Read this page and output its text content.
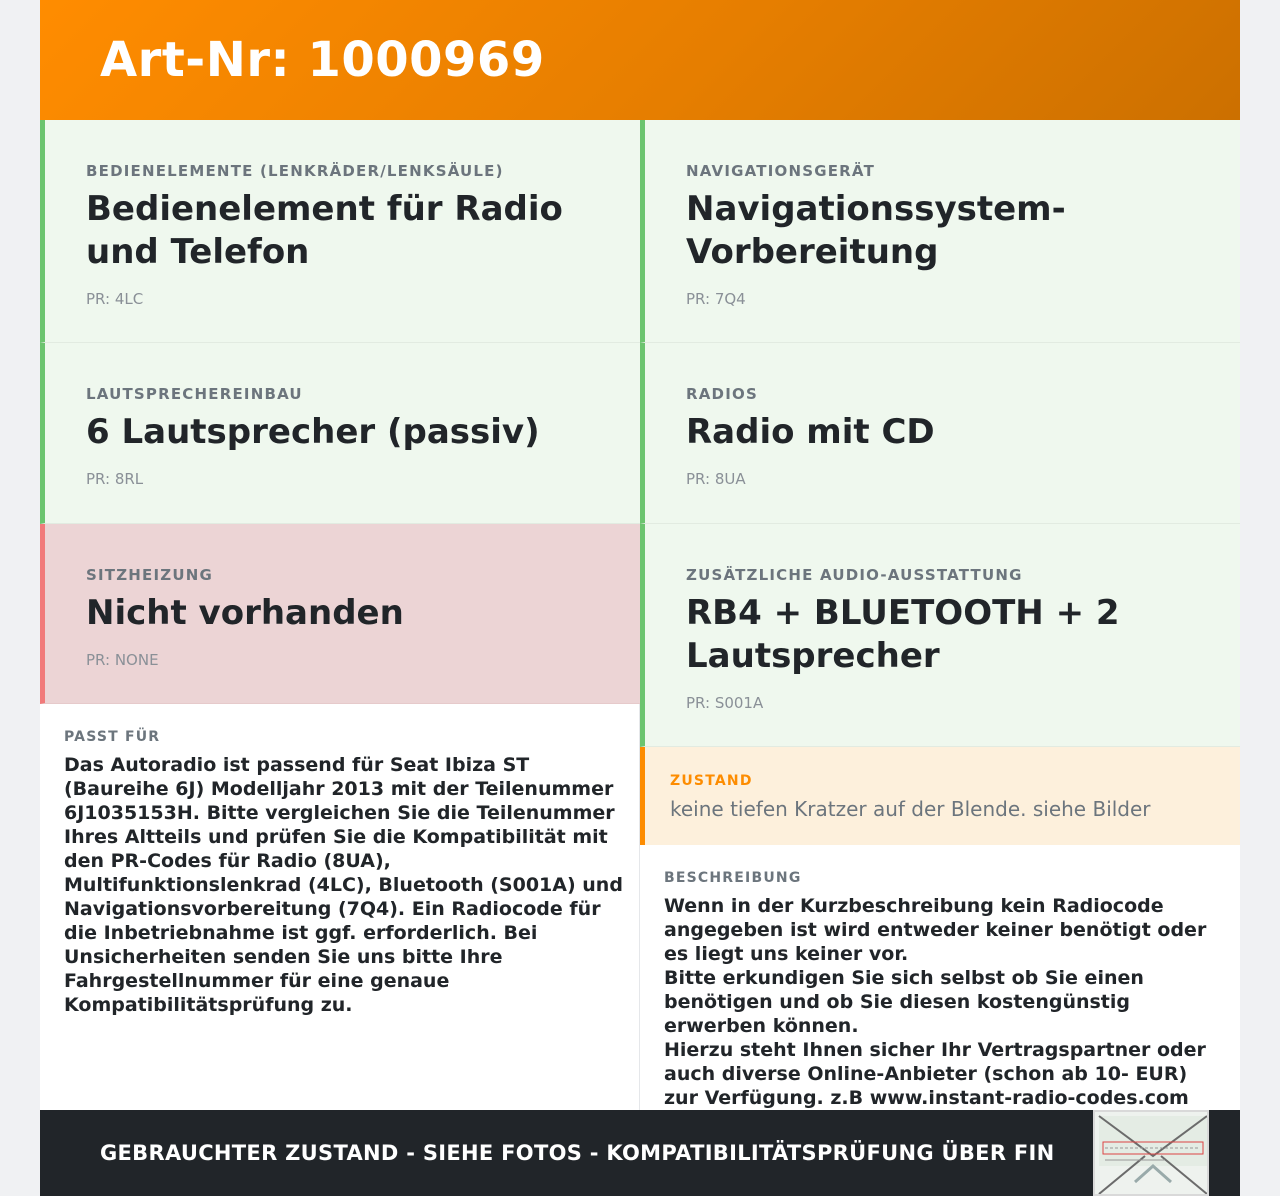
Art-Nr: 1000969
BEDIENELEMENTE (LENKRÄDER/LENKSÄULE)
Bedienelement für Radio und Telefon
PR: 4LC
NAVIGATIONSGERÄT
Navigationssystem-Vorbereitung
PR: 7Q4
LAUTSPRECHEREINBAU
6 Lautsprecher (passiv)
PR: 8RL
RADIOS
Radio mit CD
PR: 8UA
SITZHEIZUNG
Nicht vorhanden
PR: NONE
ZUSÄTZLICHE AUDIO-AUSSTATTUNG
RB4 + BLUETOOTH + 2 Lautsprecher
PR: S001A
PASST FÜR
Das Autoradio ist passend für Seat Ibiza ST (Baureihe 6J) Modelljahr 2013 mit der Teilenummer 6J1035153H. Bitte vergleichen Sie die Teilenummer Ihres Altteils und prüfen Sie die Kompatibilität mit den PR-Codes für Radio (8UA), Multifunktionslenkrad (4LC), Bluetooth (S001A) und Navigationsvorbereitung (7Q4). Ein Radiocode für die Inbetriebnahme ist ggf. erforderlich. Bei Unsicherheiten senden Sie uns bitte Ihre Fahrgestellnummer für eine genaue Kompatibilitätsprüfung zu.
ZUSTAND
keine tiefen Kratzer auf der Blende. siehe Bilder
BESCHREIBUNG
Wenn in der Kurzbeschreibung kein Radiocode angegeben ist wird entweder keiner benötigt oder es liegt uns keiner vor.
Bitte erkundigen Sie sich selbst ob Sie einen benötigen und ob Sie diesen kostengünstig erwerben können.
Hierzu steht Ihnen sicher Ihr Vertragspartner oder auch diverse Online-Anbieter (schon ab 10- EUR) zur Verfügung. z.B www.instant-radio-codes.com
GEBRAUCHTER ZUSTAND - SIEHE FOTOS - KOMPATIBILITÄTSPRÜFUNG ÜBER FIN
